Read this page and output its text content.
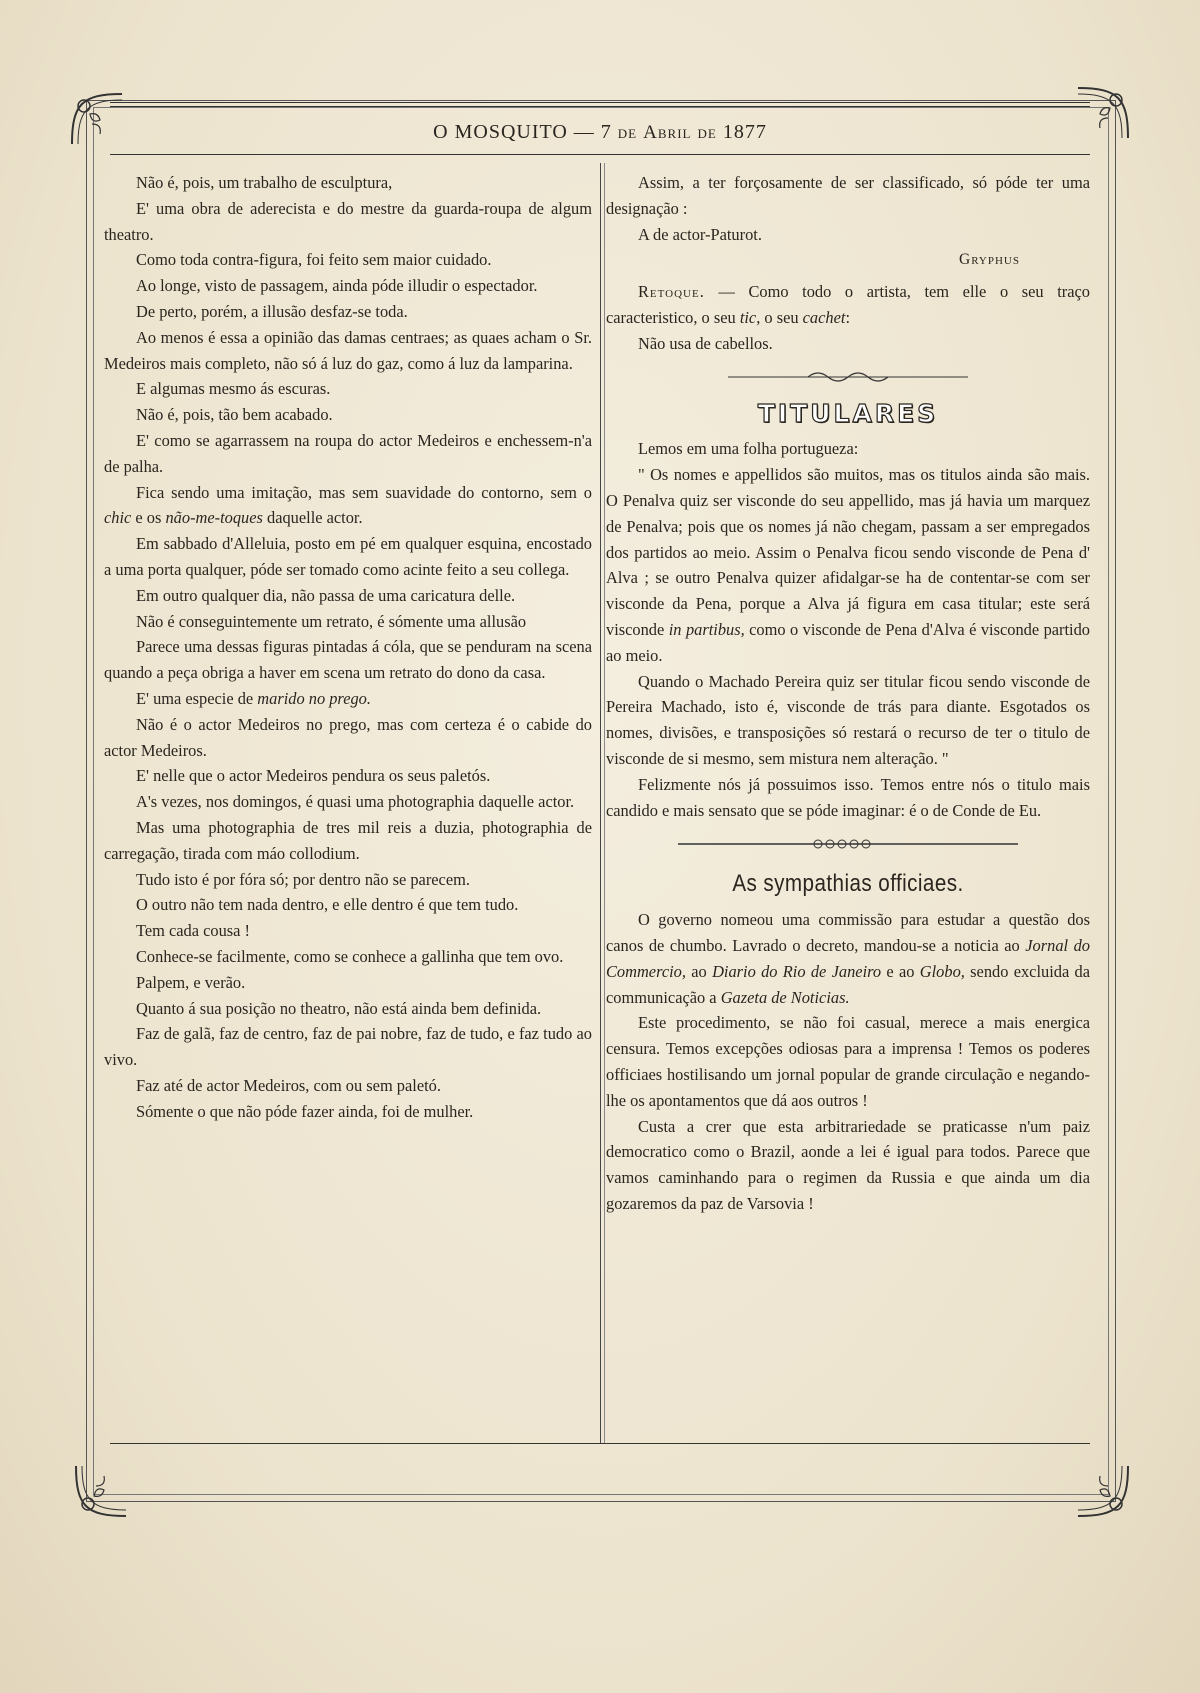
O MOSQUITO — 7 de Abril de 1877

Não é, pois, um trabalho de esculptura,

E' uma obra de aderecista e do mestre da guarda-roupa de algum theatro.

Como toda contra-figura, foi feito sem maior cuidado.

Ao longe, visto de passagem, ainda póde illudir o espectador.

De perto, porém, a illusão desfaz-se toda.

Ao menos é essa a opinião das damas centraes; as quaes acham o Sr. Medeiros mais completo, não só á luz do gaz, como á luz da lamparina.

E algumas mesmo ás escuras.

Não é, pois, tão bem acabado.

E' como se agarrassem na roupa do actor Medeiros e enchessem-n'a de palha.

Fica sendo uma imitação, mas sem suavidade do contorno, sem o chic e os não-me-toques daquelle actor.

Em sabbado d'Alleluia, posto em pé em qualquer esquina, encostado a uma porta qualquer, póde ser tomado como acinte feito a seu collega.

Em outro qualquer dia, não passa de uma caricatura delle.

Não é conseguintemente um retrato, é sómente uma allusão

Parece uma dessas figuras pintadas á cóla, que se penduram na scena quando a peça obriga a haver em scena um retrato do dono da casa.

E' uma especie de marido no prego.

Não é o actor Medeiros no prego, mas com certeza é o cabide do actor Medeiros.

E' nelle que o actor Medeiros pendura os seus paletós.

A's vezes, nos domingos, é quasi uma photographia daquelle actor.

Mas uma photographia de tres mil reis a duzia, photographia de carregação, tirada com máo collodium.

Tudo isto é por fóra só; por dentro não se parecem.

O outro não tem nada dentro, e elle dentro é que tem tudo.

Tem cada cousa !

Conhece-se facilmente, como se conhece a gallinha que tem ovo.

Palpem, e verão.

Quanto á sua posição no theatro, não está ainda bem definida.

Faz de galã, faz de centro, faz de pai nobre, faz de tudo, e faz tudo ao vivo.

Faz até de actor Medeiros, com ou sem paletó.

Sómente o que não póde fazer ainda, foi de mulher.

Assim, a ter forçosamente de ser classificado, só póde ter uma designação :

A de actor-Paturot.

Gryphus

Retoque. — Como todo o artista, tem elle o seu traço caracteristico, o seu tic, o seu cachet:

Não usa de cabellos.

TITULARES

Lemos em uma folha portugueza:

" Os nomes e appellidos são muitos, mas os titulos ainda são mais. O Penalva quiz ser visconde do seu appellido, mas já havia um marquez de Penalva; pois que os nomes já não chegam, passam a ser empregados dos partidos ao meio. Assim o Penalva ficou sendo visconde de Pena d' Alva ; se outro Penalva quizer afidalgar-se ha de contentar-se com ser visconde da Pena, porque a Alva já figura em casa titular; este será visconde in partibus, como o visconde de Pena d'Alva é visconde partido ao meio.

Quando o Machado Pereira quiz ser titular ficou sendo visconde de Pereira Machado, isto é, visconde de trás para diante. Esgotados os nomes, divisões, e transposições só restará o recurso de ter o titulo de visconde de si mesmo, sem mistura nem alteração. "

Felizmente nós já possuimos isso. Temos entre nós o titulo mais candido e mais sensato que se póde imaginar: é o de Conde de Eu.

As sympathias officiaes.

O governo nomeou uma commissão para estudar a questão dos canos de chumbo. Lavrado o decreto, mandou-se a noticia ao Jornal do Commercio, ao Diario do Rio de Janeiro e ao Globo, sendo excluida da communicação a Gazeta de Noticias.

Este procedimento, se não foi casual, merece a mais energica censura. Temos excepções odiosas para a imprensa ! Temos os poderes officiaes hostilisando um jornal popular de grande circulação e negando-lhe os apontamentos que dá aos outros !

Custa a crer que esta arbitrariedade se praticasse n'um paiz democratico como o Brazil, aonde a lei é igual para todos. Parece que vamos caminhando para o regimen da Russia e que ainda um dia gozaremos da paz de Varsovia !
